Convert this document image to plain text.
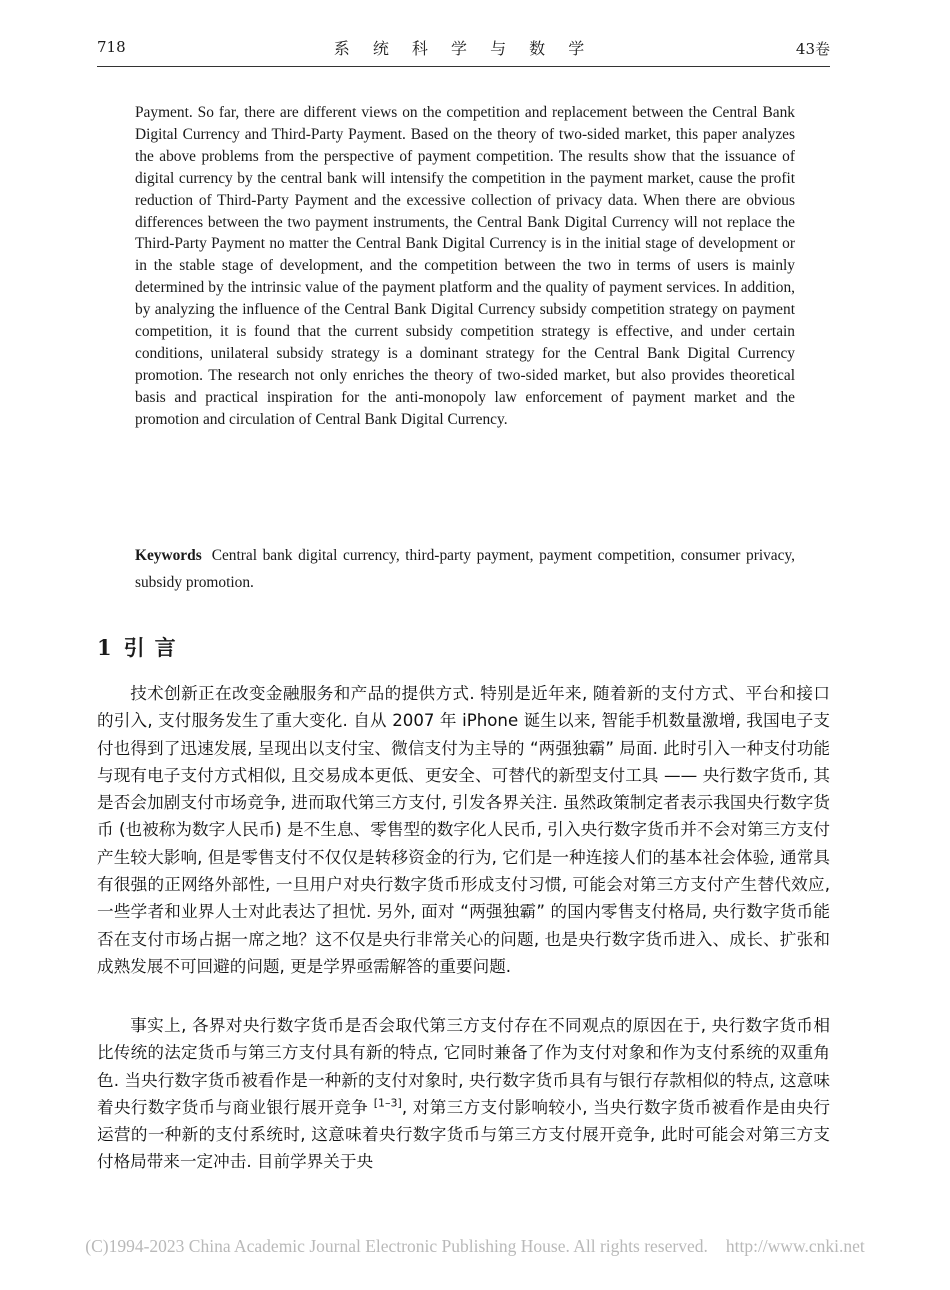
718	系 统 科 学 与 数 学	43卷

Payment. So far, there are different views on the competition and replacement between the Central Bank Digital Currency and Third-Party Payment. Based on the theory of two-sided market, this paper analyzes the above problems from the perspective of payment competition. The results show that the issuance of digital currency by the central bank will intensify the competition in the payment market, cause the profit reduction of Third-Party Payment and the excessive collection of privacy data. When there are obvious differences between the two payment instruments, the Central Bank Digital Currency will not replace the Third-Party Payment no matter the Central Bank Digital Currency is in the initial stage of development or in the stable stage of development, and the competition between the two in terms of users is mainly determined by the intrinsic value of the payment platform and the quality of payment services. In addition, by analyzing the influence of the Central Bank Digital Currency subsidy competition strategy on payment competition, it is found that the current subsidy competition strategy is effective, and under certain conditions, unilateral subsidy strategy is a dominant strategy for the Central Bank Digital Currency promotion. The research not only enriches the theory of two-sided market, but also provides theoretical basis and practical inspiration for the anti-monopoly law enforcement of payment market and the promotion and circulation of Central Bank Digital Currency.

Keywords Central bank digital currency, third-party payment, payment competition, consumer privacy, subsidy promotion.

1 引言

技术创新正在改变金融服务和产品的提供方式. 特别是近年来, 随着新的支付方式、平台和接口的引入, 支付服务发生了重大变化. 自从 2007 年 iPhone 诞生以来, 智能手机数量激增, 我国电子支付也得到了迅速发展, 呈现出以支付宝、微信支付为主导的 “两强独霸” 局面. 此时引入一种支付功能与现有电子支付方式相似, 且交易成本更低、更安全、可替代的新型支付工具 —— 央行数字货币, 其是否会加剧支付市场竞争, 进而取代第三方支付, 引发各界关注. 虽然政策制定者表示我国央行数字货币 (也被称为数字人民币) 是不生息、零售型的数字化人民币, 引入央行数字货币并不会对第三方支付产生较大影响, 但是零售支付不仅仅是转移资金的行为, 它们是一种连接人们的基本社会体验, 通常具有很强的正网络外部性, 一旦用户对央行数字货币形成支付习惯, 可能会对第三方支付产生替代效应, 一些学者和业界人士对此表达了担忧. 另外, 面对 “两强独霸” 的国内零售支付格局, 央行数字货币能否在支付市场占据一席之地？这不仅是央行非常关心的问题, 也是央行数字货币进入、成长、扩张和成熟发展不可回避的问题, 更是学界亟需解答的重要问题.

事实上, 各界对央行数字货币是否会取代第三方支付存在不同观点的原因在于, 央行数字货币相比传统的法定货币与第三方支付具有新的特点, 它同时兼备了作为支付对象和作为支付系统的双重角色. 当央行数字货币被看作是一种新的支付对象时, 央行数字货币具有与银行存款相似的特点, 这意味着央行数字货币与商业银行展开竞争 [1–3], 对第三方支付影响较小, 当央行数字货币被看作是由央行运营的一种新的支付系统时, 这意味着央行数字货币与第三方支付展开竞争, 此时可能会对第三方支付格局带来一定冲击. 目前学界关于央

(C)1994-2023 China Academic Journal Electronic Publishing House. All rights reserved. http://www.cnki.net
